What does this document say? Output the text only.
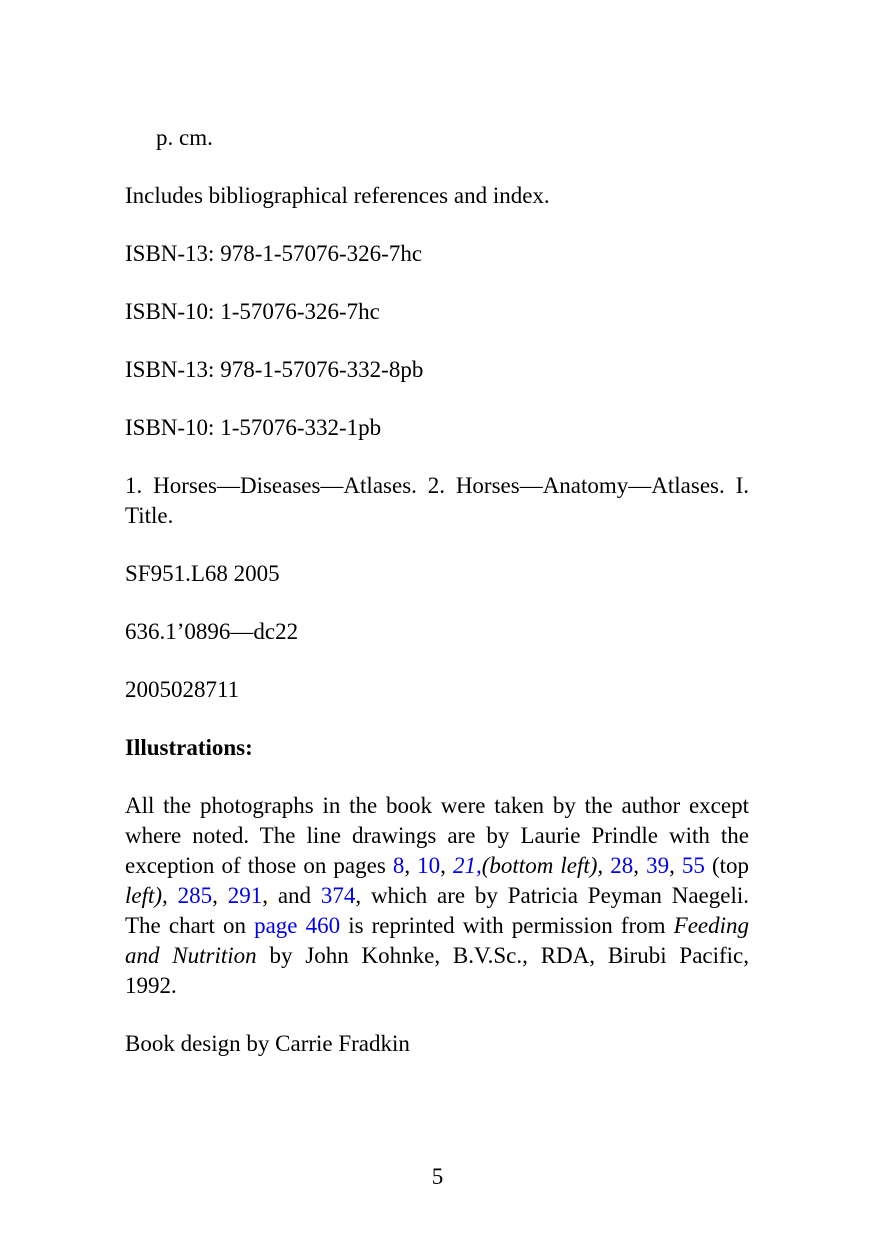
p. cm.
Includes bibliographical references and index.
ISBN-13: 978-1-57076-326-7hc
ISBN-10: 1-57076-326-7hc
ISBN-13: 978-1-57076-332-8pb
ISBN-10: 1-57076-332-1pb
1. Horses—Diseases—Atlases. 2. Horses—Anatomy—Atlases. I. Title.
SF951.L68 2005
636.1’0896—dc22
2005028711
Illustrations:
All the photographs in the book were taken by the author except where noted. The line drawings are by Laurie Prindle with the exception of those on pages 8, 10, 21,(bottom left), 28, 39, 55 (top left), 285, 291, and 374, which are by Patricia Peyman Naegeli. The chart on page 460 is reprinted with permission from Feeding and Nutrition by John Kohnke, B.V.Sc., RDA, Birubi Pacific, 1992.
Book design by Carrie Fradkin
5
